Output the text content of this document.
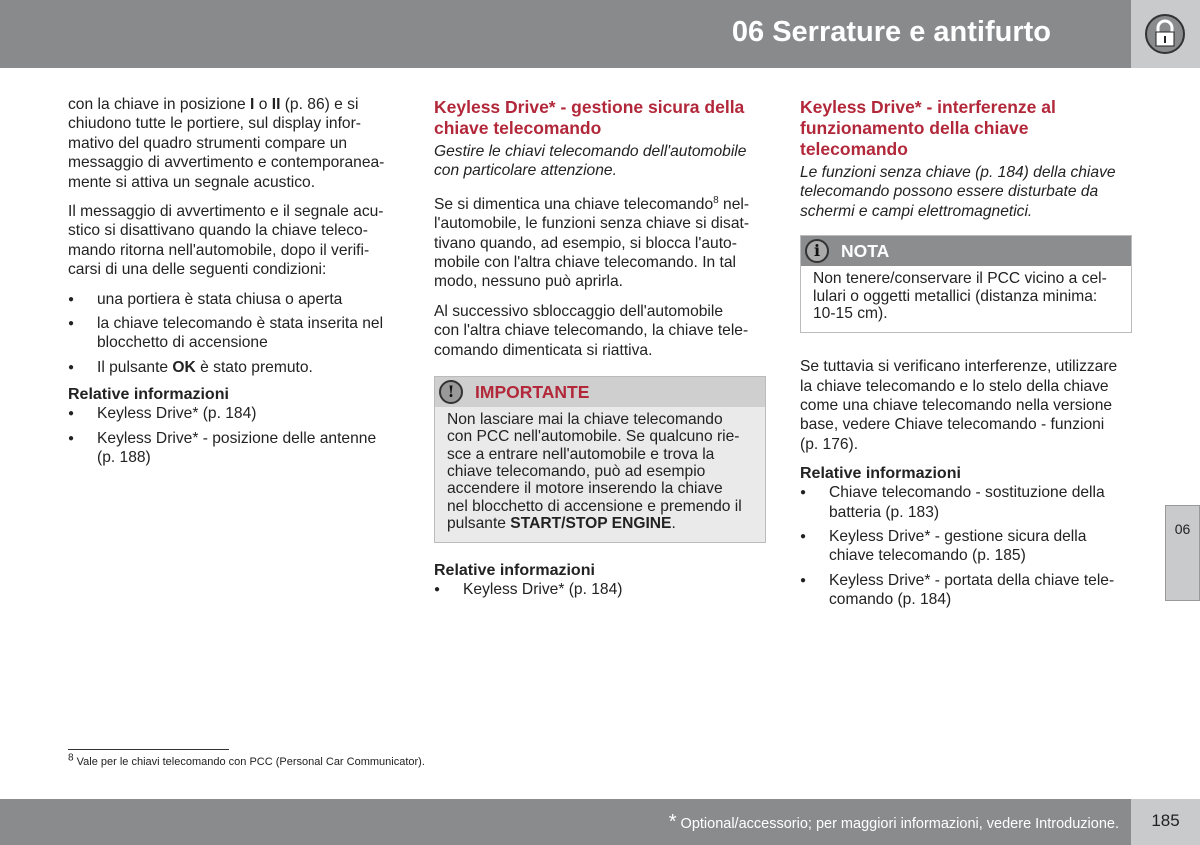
06 Serrature e antifurto

con la chiave in posizione I o II (p. 86) e si
chiudono tutte le portiere, sul display infor-
mativo del quadro strumenti compare un
messaggio di avvertimento e contemporanea-
mente si attiva un segnale acustico.

Il messaggio di avvertimento e il segnale acu-
stico si disattivano quando la chiave teleco-
mando ritorna nell'automobile, dopo il verifi-
carsi di una delle seguenti condizioni:

● una portiera è stata chiusa o aperta
● la chiave telecomando è stata inserita nel
blocchetto di accensione
● Il pulsante OK è stato premuto.
Relative informazioni
● Keyless Drive* (p. 184)
● Keyless Drive* - posizione delle antenne
(p. 188)
Keyless Drive* - gestione sicura della
chiave telecomando

Gestire le chiavi telecomando dell'automobile
con particolare attenzione.

Se si dimentica una chiave telecomando$^8$ nel-
l'automobile, le funzioni senza chiave si disat-
tivano quando, ad esempio, si blocca l'auto-
mobile con l'altra chiave telecomando. In tal
modo, nessuno può aprirla.

Al successivo sbloccaggio dell'automobile
con l'altra chiave telecomando, la chiave tele-
comando dimenticata si riattiva.

!	IMPORTANTE
Non lasciare mai la chiave telecomando
con PCC nell'automobile. Se qualcuno rie-
sce a entrare nell'automobile e trova la
chiave telecomando, può ad esempio
accendere il motore inserendo la chiave
nel blocchetto di accensione e premendo il
pulsante START/STOP ENGINE.
Relative informazioni
● Keyless Drive* (p. 184)
Keyless Drive* - interferenze al
funzionamento della chiave
telecomando

Le funzioni senza chiave (p. 184) della chiave
telecomando possono essere disturbate da
schermi e campi elettromagnetici.

i	NOTA
Non tenere/conservare il PCC vicino a cel-
lulari o oggetti metallici (distanza minima:
10-15 cm).

Se tuttavia si verificano interferenze, utilizzare
la chiave telecomando e lo stelo della chiave
come una chiave telecomando nella versione
base, vedere Chiave telecomando - funzioni
(p. 176).

Relative informazioni
● Chiave telecomando - sostituzione della
batteria (p. 183)
● Keyless Drive* - gestione sicura della
chiave telecomando (p. 185)
● Keyless Drive* - portata della chiave tele-
comando (p. 184)
06
$^8$ Vale per le chiavi telecomando con PCC (Personal Car Communicator).
* Optional/accessorio; per maggiori informazioni, vedere Introduzione.	185
